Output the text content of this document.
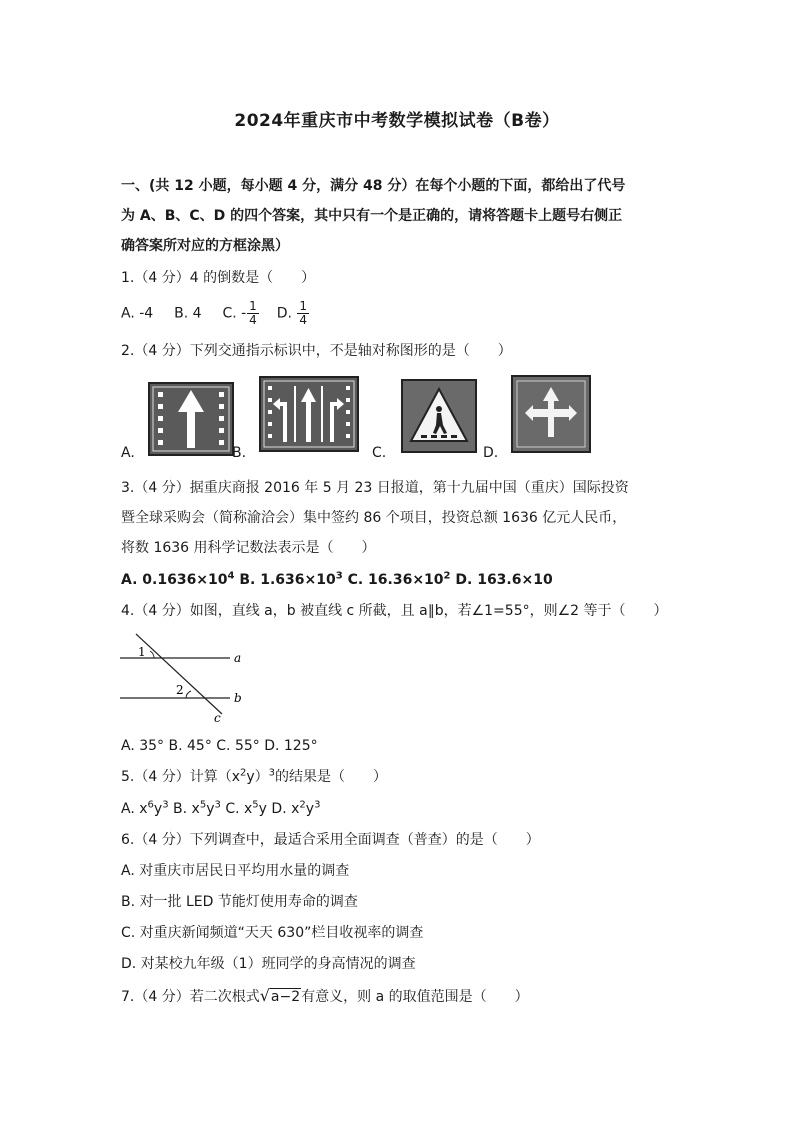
2024年重庆市中考数学模拟试卷（B卷）
一、(共 12 小题，每小题 4 分，满分 48 分）在每个小题的下面，都给出了代号
为 A、B、C、D 的四个答案，其中只有一个是正确的，请将答题卡上题号右侧正
确答案所对应的方框涂黑）
1.（4 分）4 的倒数是（　　）
A. -4 B. 4 C. - $\frac{1}{4} D$. $\frac{1}{4}$
2.（4 分）下列交通指示标识中，不是轴对称图形的是（　　）
A.	B.	C.	D.
3.（4 分）据重庆商报 2016 年 5 月 23 日报道，第十九届中国（重庆）国际投资
暨全球采购会（简称渝洽会）集中签约 86 个项目，投资总额 1636 亿元人民币，
将数 1636 用科学记数法表示是（　　）
A. $0.1636\times 10^4$ B. $1.636\times 10^3$ C. $16.36\times 10^2$ D. 163.6×10
4.（4 分）如图，直线 a，b 被直线 c 所截，且 a∥b，若∠1=55°，则∠2 等于（　　）
a
b
c
1
2
A. 35° B. 45° C. 55° D. 125°
5.（4 分）计算$(x^2y)^3$的结果是（　　）
A. $x^6y^3$ B. $x^5y^3$ C. $x^5y$ D. $x^2y^3$
6.（4 分）下列调查中，最适合采用全面调查（普查）的是（　　）
A. 对重庆市居民日平均用水量的调查
B. 对一批 LED 节能灯使用寿命的调查
C. 对重庆新闻频道“天天 630”栏目收视率的调查
D. 对某校九年级（1）班同学的身高情况的调查
7.（4 分）若二次根式√a−2有意义，则 a 的取值范围是（　　）
